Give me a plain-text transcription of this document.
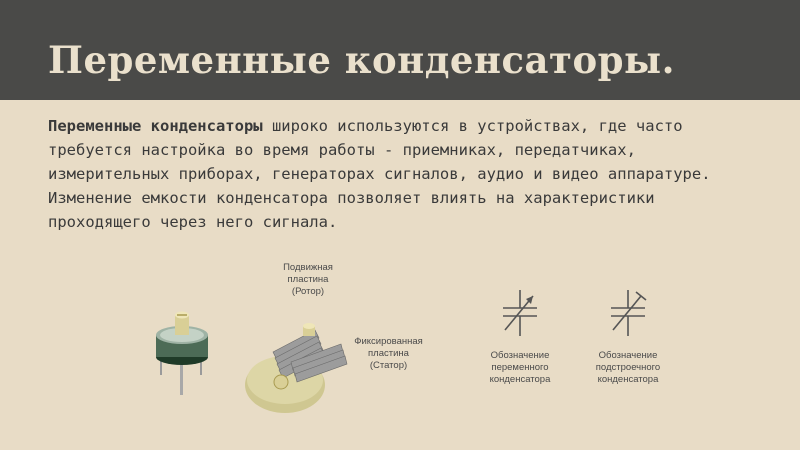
Переменные конденсаторы.

Переменные конденсаторы широко используются в устройствах, где часто требуется настройка во время работы - приемниках, передатчиках, измерительных приборах, генераторах сигналов, аудио и видео аппаратуре. Изменение емкости конденсатора позволяет влиять на характеристики проходящего через него сигнала.

Подвижная
пластина
(Ротор)
Фиксированная
пластина
(Статор)
Обозначение
переменного
конденсатора
Обозначение
подстроечного
конденсатора
